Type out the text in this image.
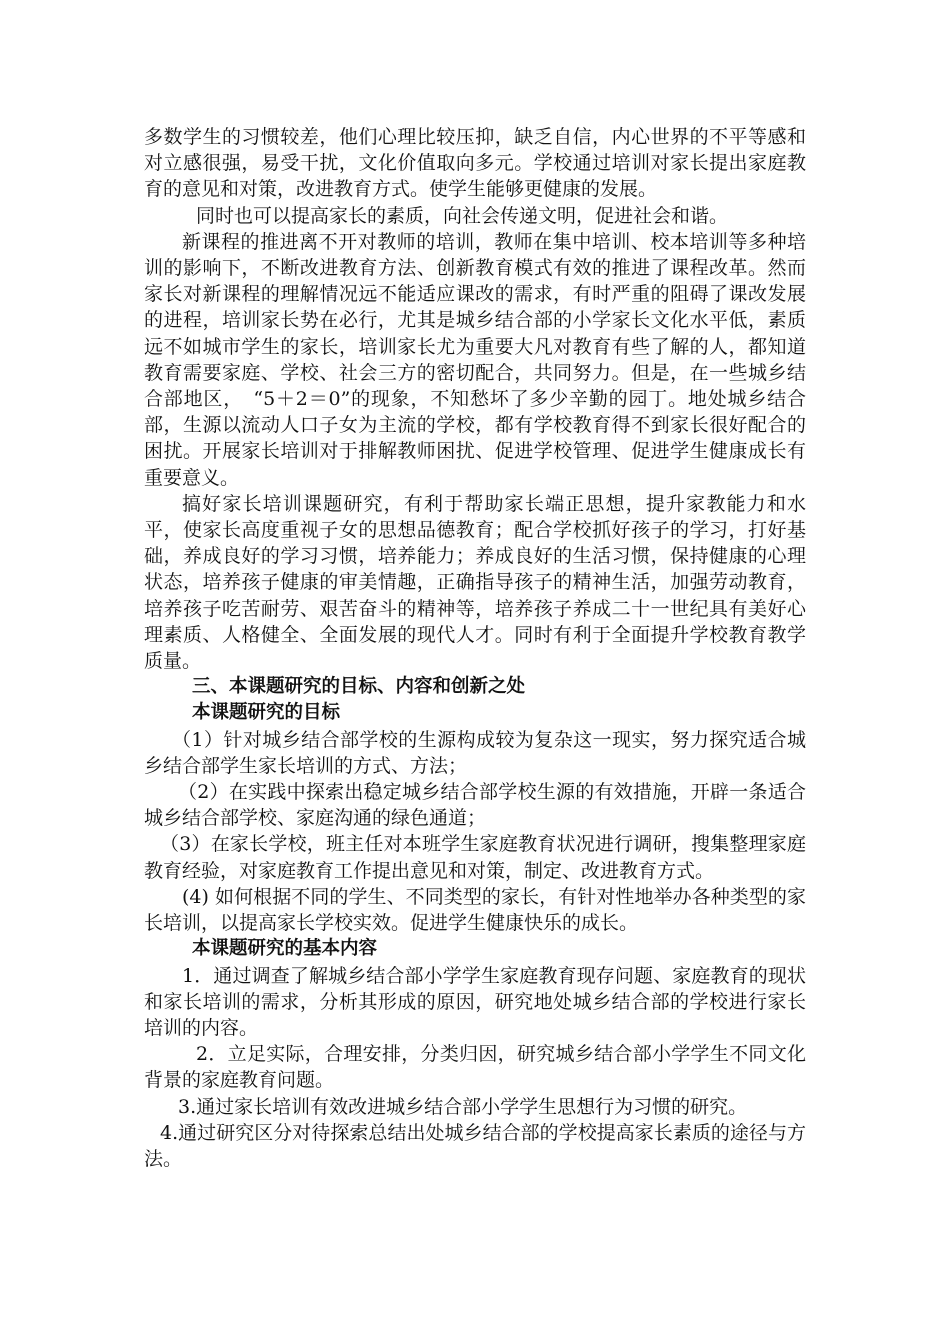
多数学生的习惯较差，他们心理比较压抑，缺乏自信，内心世界的不平等感和对立感很强，易受干扰，文化价值取向多元。学校通过培训对家长提出家庭教育的意见和对策，改进教育方式。使学生能够更健康的发展。

同时也可以提高家长的素质，向社会传递文明，促进社会和谐。

新课程的推进离不开对教师的培训，教师在集中培训、校本培训等多种培训的影响下，不断改进教育方法、创新教育模式有效的推进了课程改革。然而家长对新课程的理解情况远不能适应课改的需求，有时严重的阻碍了课改发展的进程，培训家长势在必行，尤其是城乡结合部的小学家长文化水平低，素质远不如城市学生的家长，培训家长尤为重要大凡对教育有些了解的人，都知道教育需要家庭、学校、社会三方的密切配合，共同努力。但是，在一些城乡结合部地区，　“5＋2＝0”的现象，不知愁坏了多少辛勤的园丁。地处城乡结合部，生源以流动人口子女为主流的学校，都有学校教育得不到家长很好配合的困扰。开展家长培训对于排解教师困扰、促进学校管理、促进学生健康成长有重要意义。

搞好家长培训课题研究，有利于帮助家长端正思想，提升家教能力和水平，使家长高度重视子女的思想品德教育；配合学校抓好孩子的学习，打好基础，养成良好的学习习惯，培养能力；养成良好的生活习惯，保持健康的心理状态，培养孩子健康的审美情趣，正确指导孩子的精神生活，加强劳动教育，培养孩子吃苦耐劳、艰苦奋斗的精神等，培养孩子养成二十一世纪具有美好心理素质、人格健全、全面发展的现代人才。同时有利于全面提升学校教育教学质量。

三、本课题研究的目标、内容和创新之处

本课题研究的目标

（1）针对城乡结合部学校的生源构成较为复杂这一现实，努力探究适合城乡结合部学生家长培训的方式、方法；

（2）在实践中探索出稳定城乡结合部学校生源的有效措施，开辟一条适合城乡结合部学校、家庭沟通的绿色通道；

（3）在家长学校，班主任对本班学生家庭教育状况进行调研，搜集整理家庭教育经验，对家庭教育工作提出意见和对策，制定、改进教育方式。

(4) 如何根据不同的学生、不同类型的家长，有针对性地举办各种类型的家长培训，以提高家长学校实效。促进学生健康快乐的成长。

本课题研究的基本内容

1．通过调查了解城乡结合部小学学生家庭教育现存问题、家庭教育的现状和家长培训的需求，分析其形成的原因，研究地处城乡结合部的学校进行家长培训的内容。

2．立足实际，合理安排，分类归因，研究城乡结合部小学学生不同文化背景的家庭教育问题。

3.通过家长培训有效改进城乡结合部小学学生思想行为习惯的研究。

4.通过研究区分对待探索总结出处城乡结合部的学校提高家长素质的途径与方法。
